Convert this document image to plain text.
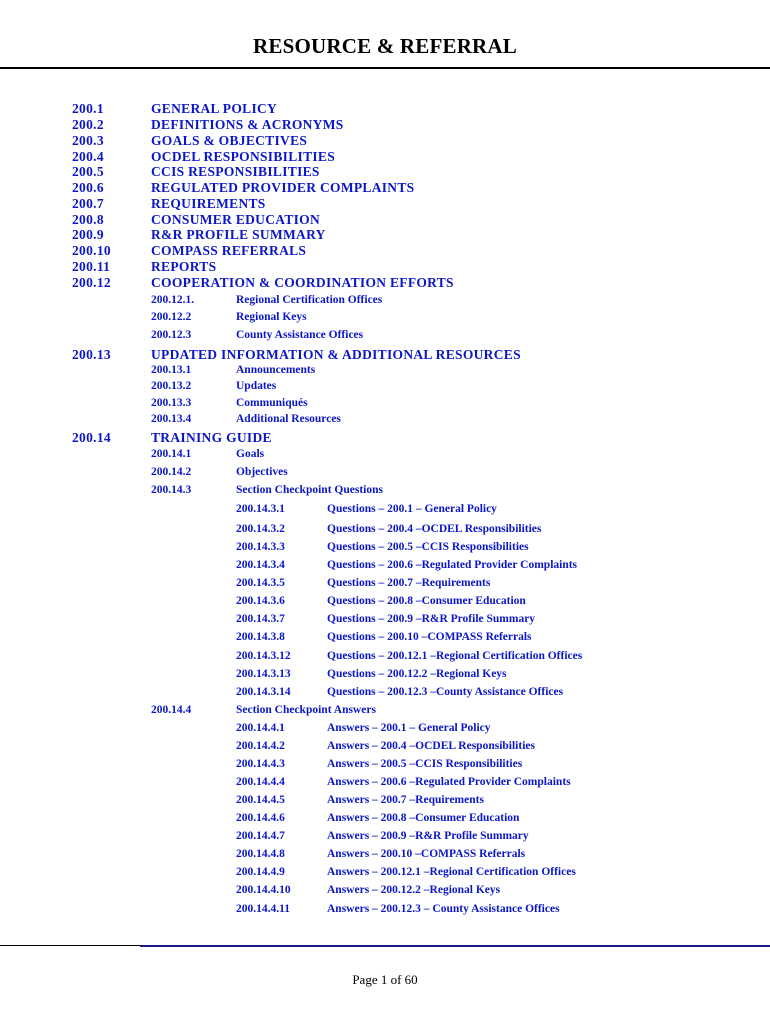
RESOURCE & REFERRAL
200.1	GENERAL POLICY
200.2	DEFINITIONS & ACRONYMS
200.3	GOALS & OBJECTIVES
200.4	OCDEL RESPONSIBILITIES
200.5	CCIS RESPONSIBILITIES
200.6	REGULATED PROVIDER COMPLAINTS
200.7	REQUIREMENTS
200.8	CONSUMER EDUCATION
200.9	R&R PROFILE SUMMARY
200.10	COMPASS REFERRALS
200.11	REPORTS
200.12	COOPERATION & COORDINATION EFFORTS
200.12.1.	Regional Certification Offices
200.12.2	Regional Keys
200.12.3	County Assistance Offices
200.13	UPDATED INFORMATION & ADDITIONAL RESOURCES
200.13.1	Announcements
200.13.2	Updates
200.13.3	Communiqués
200.13.4	Additional Resources
200.14	TRAINING GUIDE
200.14.1	Goals
200.14.2	Objectives
200.14.3	Section Checkpoint Questions
200.14.3.1	Questions – 200.1 – General Policy
200.14.3.2	Questions – 200.4 –OCDEL Responsibilities
200.14.3.3	Questions – 200.5 –CCIS Responsibilities
200.14.3.4	Questions – 200.6 –Regulated Provider Complaints
200.14.3.5	Questions – 200.7 –Requirements
200.14.3.6	Questions – 200.8 –Consumer Education
200.14.3.7	Questions – 200.9 –R&R Profile Summary
200.14.3.8	Questions – 200.10 –COMPASS Referrals
200.14.3.12	Questions – 200.12.1 –Regional Certification Offices
200.14.3.13	Questions – 200.12.2 –Regional Keys
200.14.3.14	Questions – 200.12.3 –County Assistance Offices
200.14.4	Section Checkpoint Answers
200.14.4.1	Answers – 200.1 – General Policy
200.14.4.2	Answers – 200.4 –OCDEL Responsibilities
200.14.4.3	Answers – 200.5 –CCIS Responsibilities
200.14.4.4	Answers – 200.6 –Regulated Provider Complaints
200.14.4.5	Answers – 200.7 –Requirements
200.14.4.6	Answers – 200.8 –Consumer Education
200.14.4.7	Answers – 200.9 –R&R Profile Summary
200.14.4.8	Answers – 200.10 –COMPASS Referrals
200.14.4.9	Answers – 200.12.1 –Regional Certification Offices
200.14.4.10	Answers – 200.12.2 –Regional Keys
200.14.4.11	Answers – 200.12.3 – County Assistance Offices
Page 1 of 60
